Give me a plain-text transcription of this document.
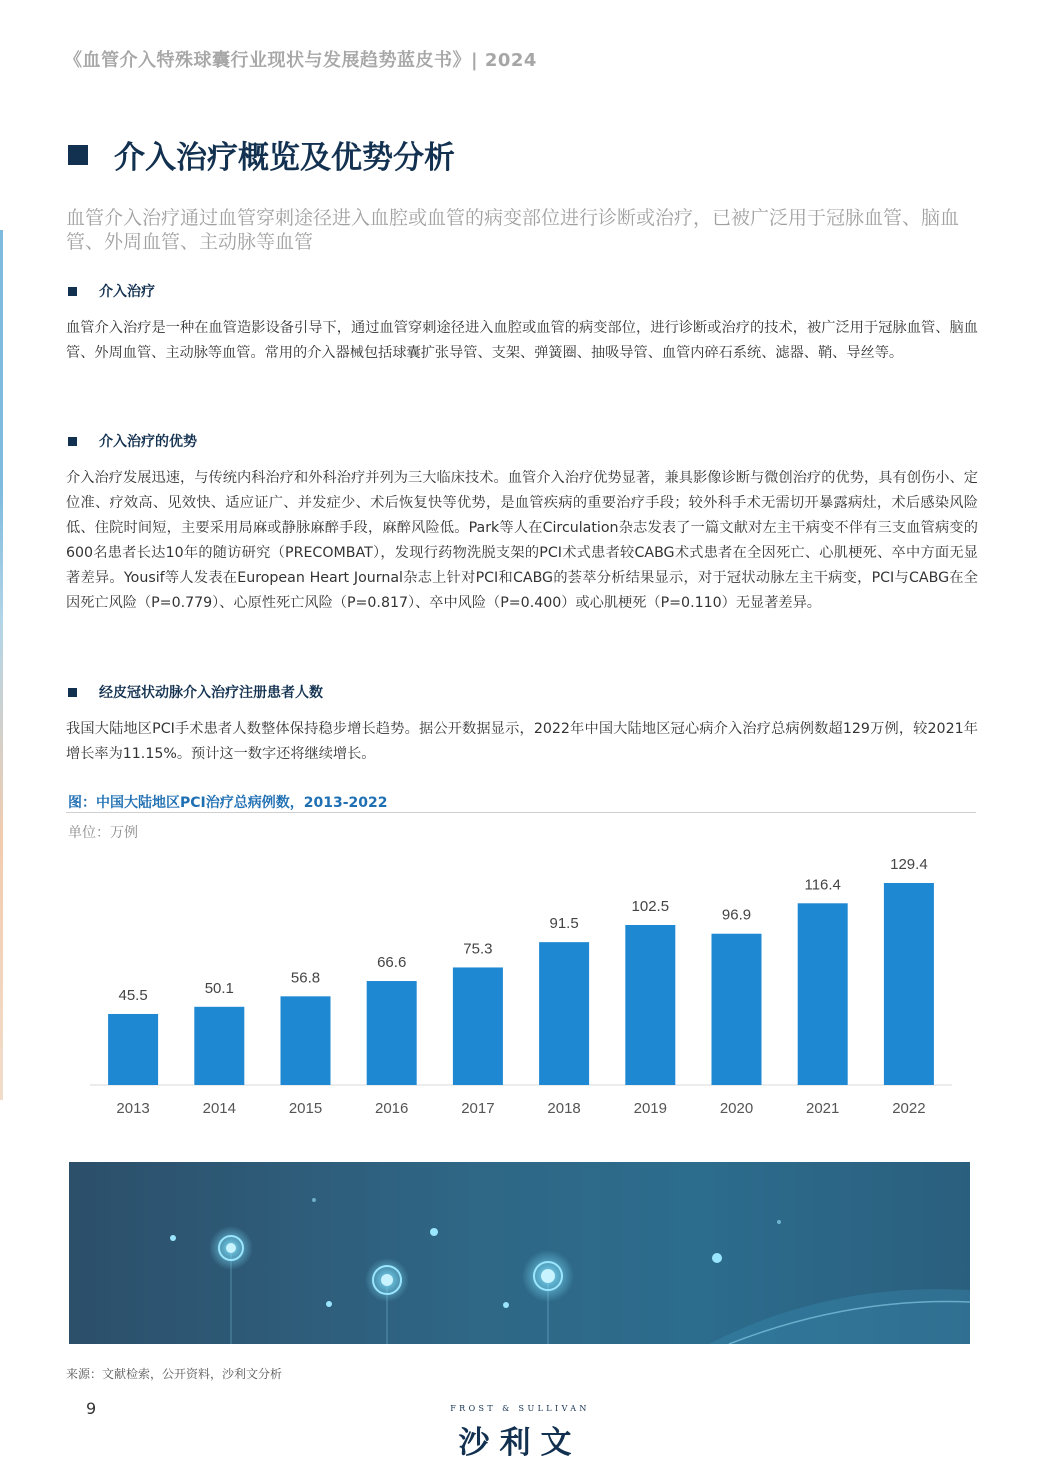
《血管介入特殊球囊行业现状与发展趋势蓝皮书》| 2024
介入治疗概览及优势分析
血管介入治疗通过血管穿刺途径进入血腔或血管的病变部位进行诊断或治疗，已被广泛用于冠脉血管、脑血管、外周血管、主动脉等血管
介入治疗
血管介入治疗是一种在血管造影设备引导下，通过血管穿刺途径进入血腔或血管的病变部位，进行诊断或治疗的技术，被广泛用于冠脉血管、脑血管、外周血管、主动脉等血管。常用的介入器械包括球囊扩张导管、支架、弹簧圈、抽吸导管、血管内碎石系统、滤器、鞘、导丝等。
介入治疗的优势
介入治疗发展迅速，与传统内科治疗和外科治疗并列为三大临床技术。血管介入治疗优势显著，兼具影像诊断与微创治疗的优势，具有创伤小、定位准、疗效高、见效快、适应证广、并发症少、术后恢复快等优势，是血管疾病的重要治疗手段；较外科手术无需切开暴露病灶，术后感染风险低、住院时间短，主要采用局麻或静脉麻醉手段，麻醉风险低。Park等人在Circulation杂志发表了一篇文献对左主干病变不伴有三支血管病变的600名患者长达10年的随访研究（PRECOMBAT），发现行药物洗脱支架的PCI术式患者较CABG术式患者在全因死亡、心肌梗死、卒中方面无显著差异。Yousif等人发表在European Heart Journal杂志上针对PCI和CABG的荟萃分析结果显示，对于冠状动脉左主干病变，PCI与CABG在全因死亡风险（P=0.779）、心原性死亡风险（P=0.817）、卒中风险（P=0.400）或心肌梗死（P=0.110）无显著差异。
经皮冠状动脉介入治疗注册患者人数
我国大陆地区PCI手术患者人数整体保持稳步增长趋势。据公开数据显示，2022年中国大陆地区冠心病介入治疗总病例数超129万例，较2021年增长率为11.15%。预计这一数字还将继续增长。
图：中国大陆地区PCI治疗总病例数，2013-2022
单位：万例
45.5
2013
50.1
2014
56.8
2015
66.6
2016
75.3
2017
91.5
2018
102.5
2019
96.9
2020
116.4
2021
129.4
2022
来源：文献检索，公开资料，沙利文分析
9	FROST & SULLIVAN
沙利文
